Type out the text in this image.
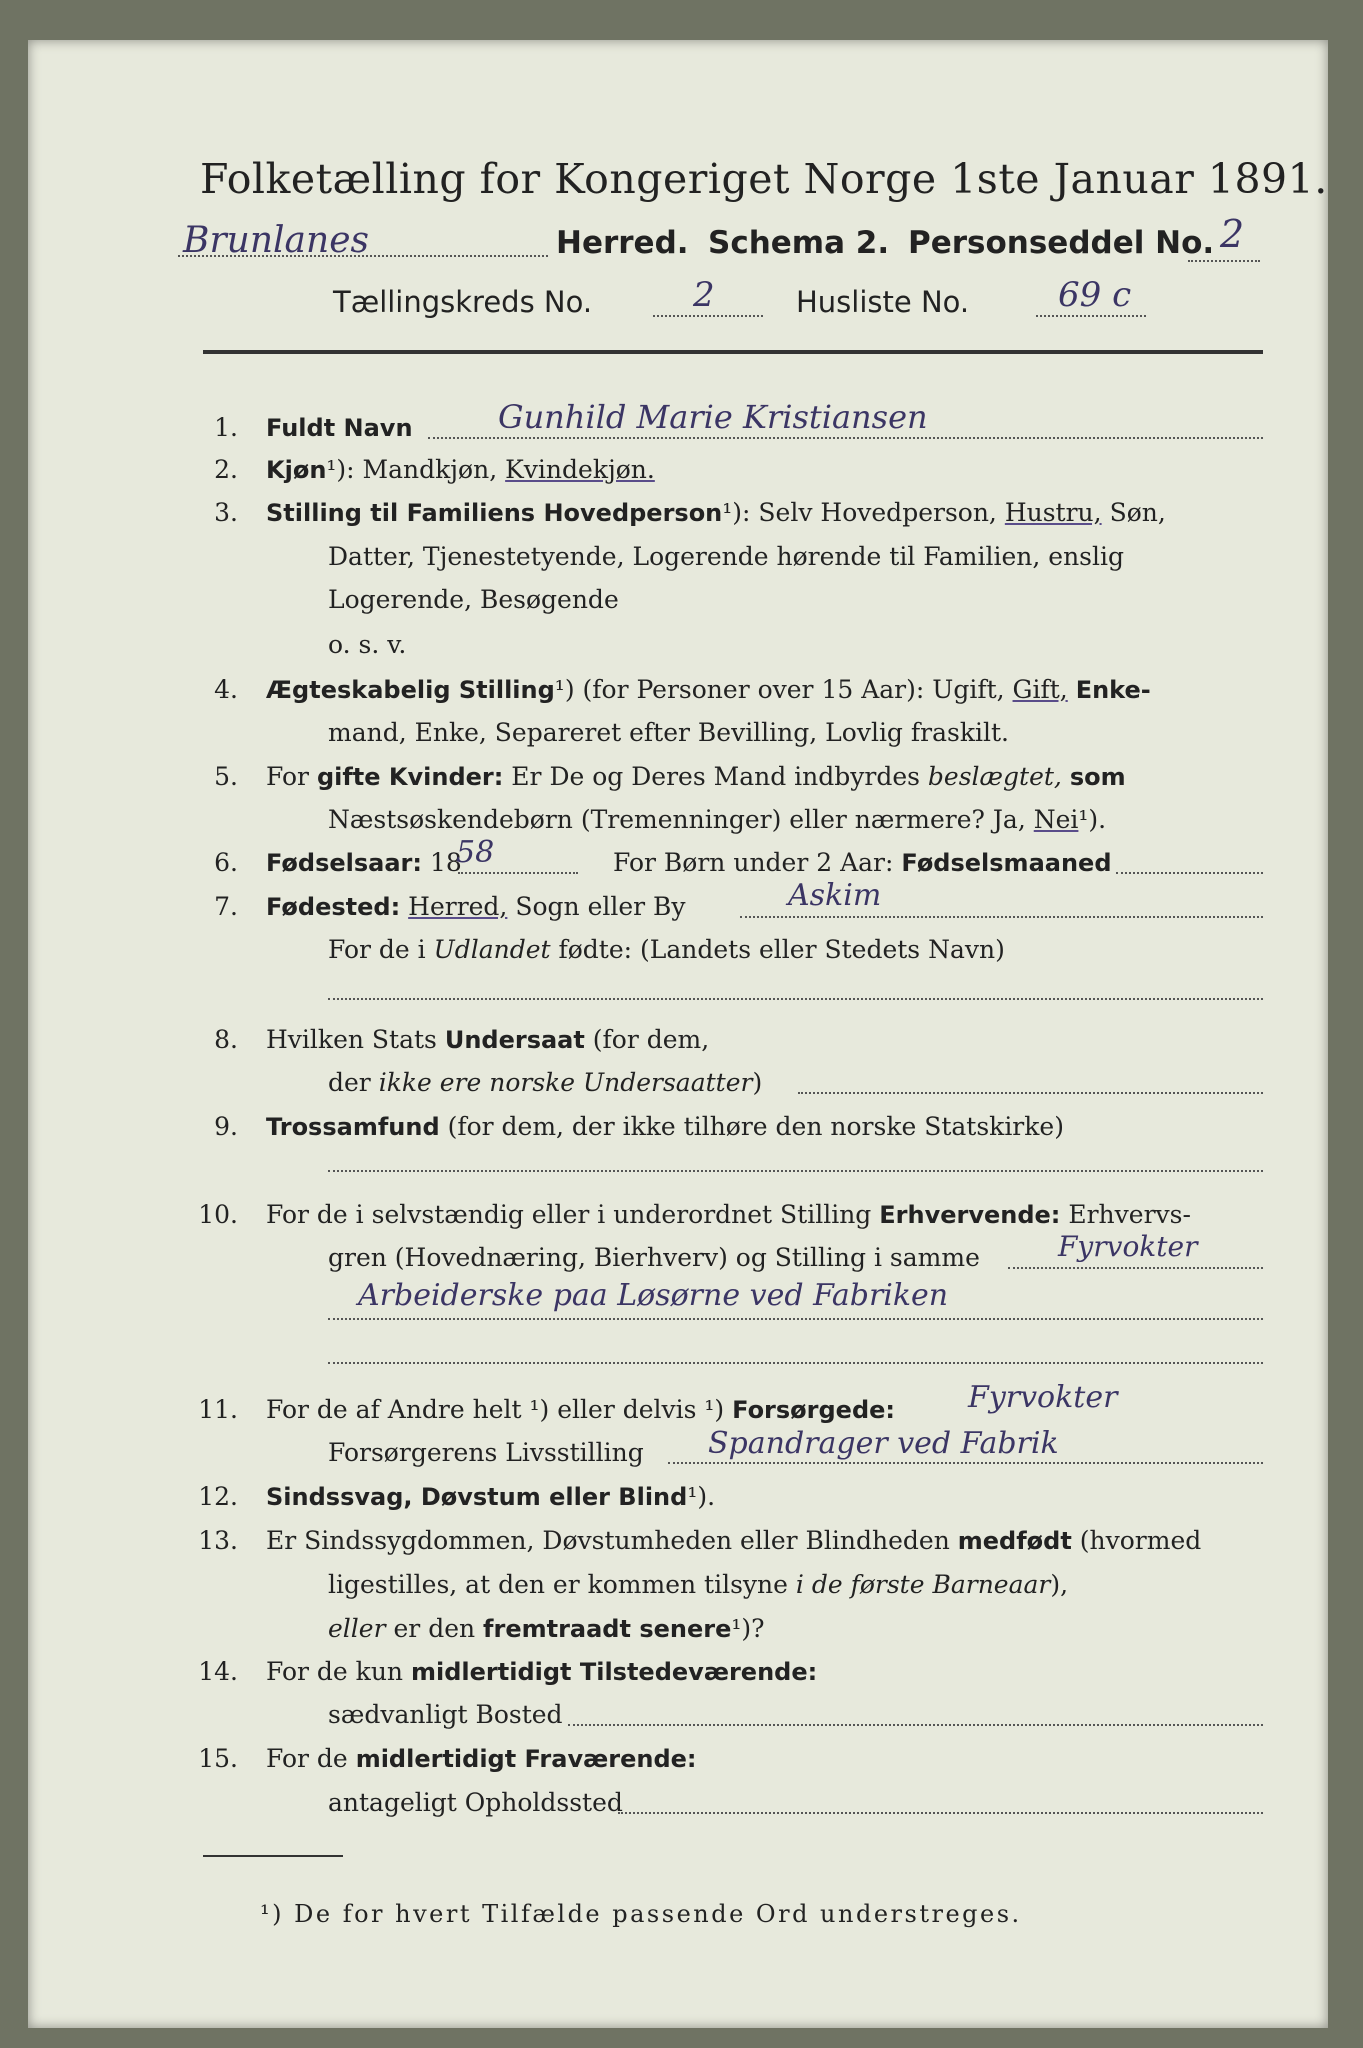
Folketælling for Kongeriget Norge 1ste Januar 1891.
Brunlanes	Herred. Schema 2. Personseddel No. 2
Tællingskreds No.	2	Husliste No.	69 c
1. Fuldt Navn	Gunhild Marie Kristiansen
2. Kjøn¹): Mandkjøn, Kvindekjøn.
3. Stilling til Familiens Hovedperson¹): Selv Hovedperson, Hustru, Søn,
Datter, Tjenestetyende, Logerende hørende til Familien, enslig
Logerende, Besøgende
o. s. v.
4. Ægteskabelig Stilling¹) (for Personer over 15 Aar): Ugift, Gift, Enke-
mand, Enke, Separeret efter Bevilling, Lovlig fraskilt.
5. For gifte Kvinder: Er De og Deres Mand indbyrdes beslægtet, som
Næstsøskendebørn (Tremenninger) eller nærmere? Ja, Nei¹).
6. Fødselsaar: 18
58	For Børn under 2 Aar: Fødselsmaaned
7. Fødested: Herred, Sogn eller By	Askim
For de i Udlandet fødte: (Landets eller Stedets Navn)
8. Hvilken Stats Undersaat (for dem,
der ikke ere norske Undersaatter)
9. Trossamfund (for dem, der ikke tilhøre den norske Statskirke)
10. For de i selvstændig eller i underordnet Stilling Erhvervende: Erhvervs-
gren (Hovednæring, Bierhverv) og Stilling i samme	Fyrvokter
Arbeiderske paa Løsørne ved Fabriken
11. For de af Andre helt ¹) eller delvis ¹) Forsørgede: Fyrvokter
Forsørgerens Livsstilling Spandrager ved Fabrik
12. Sindssvag, Døvstum eller Blind¹).
13. Er Sindssygdommen, Døvstumheden eller Blindheden medfødt (hvormed
ligestilles, at den er kommen tilsyne i de første Barneaar),
eller er den fremtraadt senere¹)?
14. For de kun midlertidigt Tilstedeværende:
sædvanligt Bosted
15. For de midlertidigt Fraværende:
antageligt Opholdssted
¹) De for hvert Tilfælde passende Ord understreges.
